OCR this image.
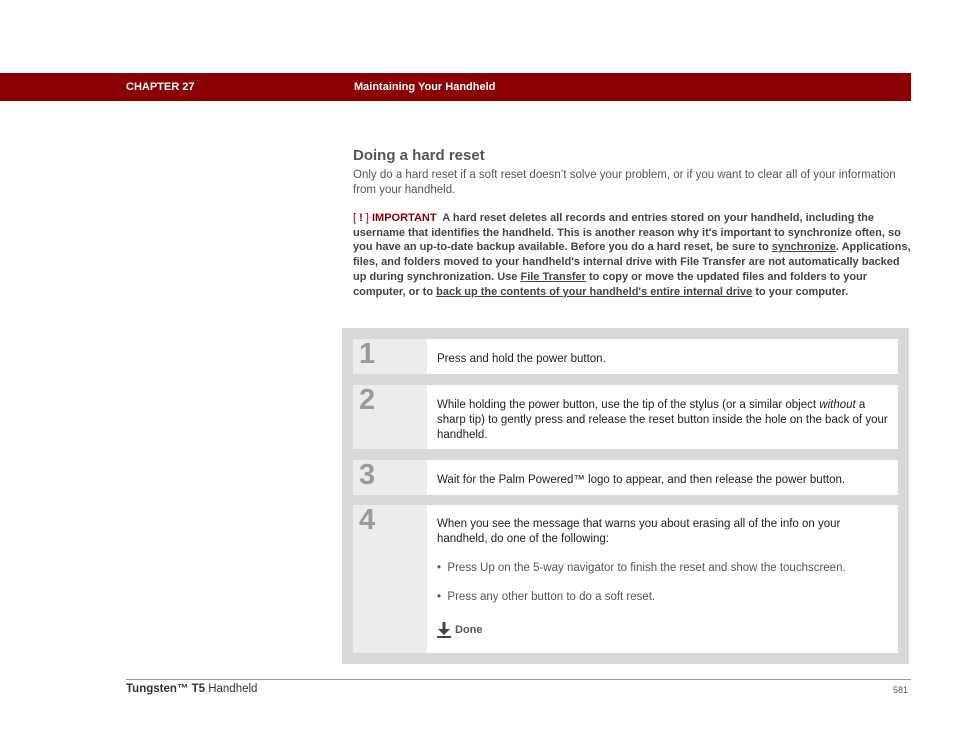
CHAPTER 27	Maintaining Your Handheld
Doing a hard reset
Only do a hard reset if a soft reset doesn’t solve your problem, or if you want to clear all of your information from your handheld.
[ ! ] IMPORTANT A hard reset deletes all records and entries stored on your handheld, including the username that identifies the handheld. This is another reason why it's important to synchronize often, so you have an up-to-date backup available. Before you do a hard reset, be sure to synchronize. Applications, files, and folders moved to your handheld's internal drive with File Transfer are not automatically backed up during synchronization. Use File Transfer to copy or move the updated files and folders to your computer, or to back up the contents of your handheld's entire internal drive to your computer.
1	Press and hold the power button.
2	While holding the power button, use the tip of the stylus (or a similar object without a sharp tip) to gently press and release the reset button inside the hole on the back of your handheld.
3	Wait for the Palm Powered™ logo to appear, and then release the power button.
4	When you see the message that warns you about erasing all of the info on your handheld, do one of the following:
•  Press Up on the 5-way navigator to finish the reset and show the touchscreen.
•  Press any other button to do a soft reset.
Done
Tungsten™ T5 Handheld	581
